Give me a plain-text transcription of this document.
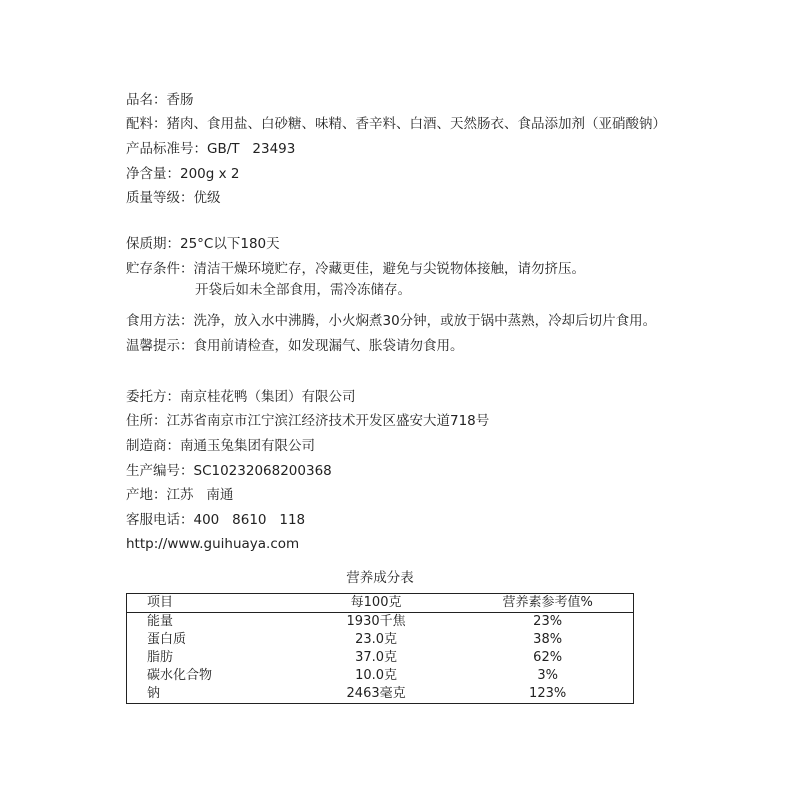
品名：香肠
配料：猪肉、食用盐、白砂糖、味精、香辛料、白酒、天然肠衣、食品添加剂（亚硝酸钠）
产品标准号：GB/T   23493
净含量：200g x 2
质量等级：优级
保质期：25°C以下180天
贮存条件：清洁干燥环境贮存，冷藏更佳，避免与尖锐物体接触，请勿挤压。
开袋后如未全部食用，需冷冻储存。
食用方法：洗净，放入水中沸腾，小火焖煮30分钟，或放于锅中蒸熟，冷却后切片食用。
温馨提示：食用前请检查，如发现漏气、胀袋请勿食用。
委托方：南京桂花鸭（集团）有限公司
住所：江苏省南京市江宁滨江经济技术开发区盛安大道718号
制造商：南通玉兔集团有限公司
生产编号：SC10232068200368
产地：江苏   南通
客服电话：400   8610   118
http://www.guihuaya.com
营养成分表
项目	每100克	营养素参考值%
能量	1930千焦	23%
蛋白质	23.0克	38%
脂肪	37.0克	62%
碳水化合物	10.0克	3%
钠	2463毫克	123%
